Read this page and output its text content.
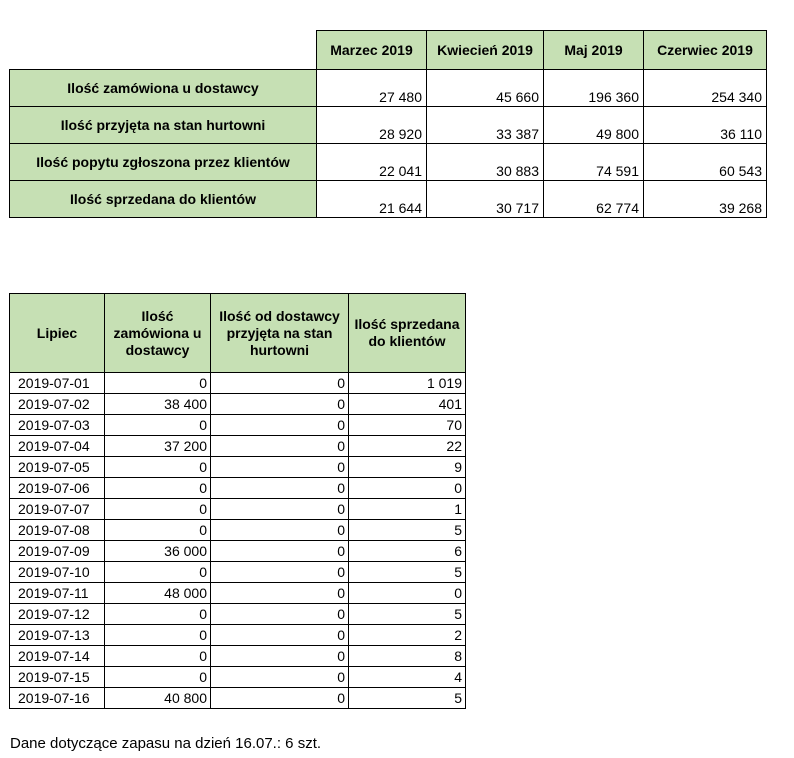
	Marzec 2019	Kwiecień 2019	Maj 2019	Czerwiec 2019
Ilość zamówiona u dostawcy	27 480	45 660	196 360	254 340
Ilość przyjęta na stan hurtowni	28 920	33 387	49 800	36 110
Ilość popytu zgłoszona przez klientów	22 041	30 883	74 591	60 543
Ilość sprzedana do klientów	21 644	30 717	62 774	39 268
Lipiec	Ilość zamówiona u dostawcy	Ilość od dostawcy przyjęta na stan hurtowni	Ilość sprzedana do klientów
2019-07-01	0	0	1 019
2019-07-02	38 400	0	401
2019-07-03	0	0	70
2019-07-04	37 200	0	22
2019-07-05	0	0	9
2019-07-06	0	0	0
2019-07-07	0	0	1
2019-07-08	0	0	5
2019-07-09	36 000	0	6
2019-07-10	0	0	5
2019-07-11	48 000	0	0
2019-07-12	0	0	5
2019-07-13	0	0	2
2019-07-14	0	0	8
2019-07-15	0	0	4
2019-07-16	40 800	0	5
Dane dotyczące zapasu na dzień 16.07.: 6 szt.
